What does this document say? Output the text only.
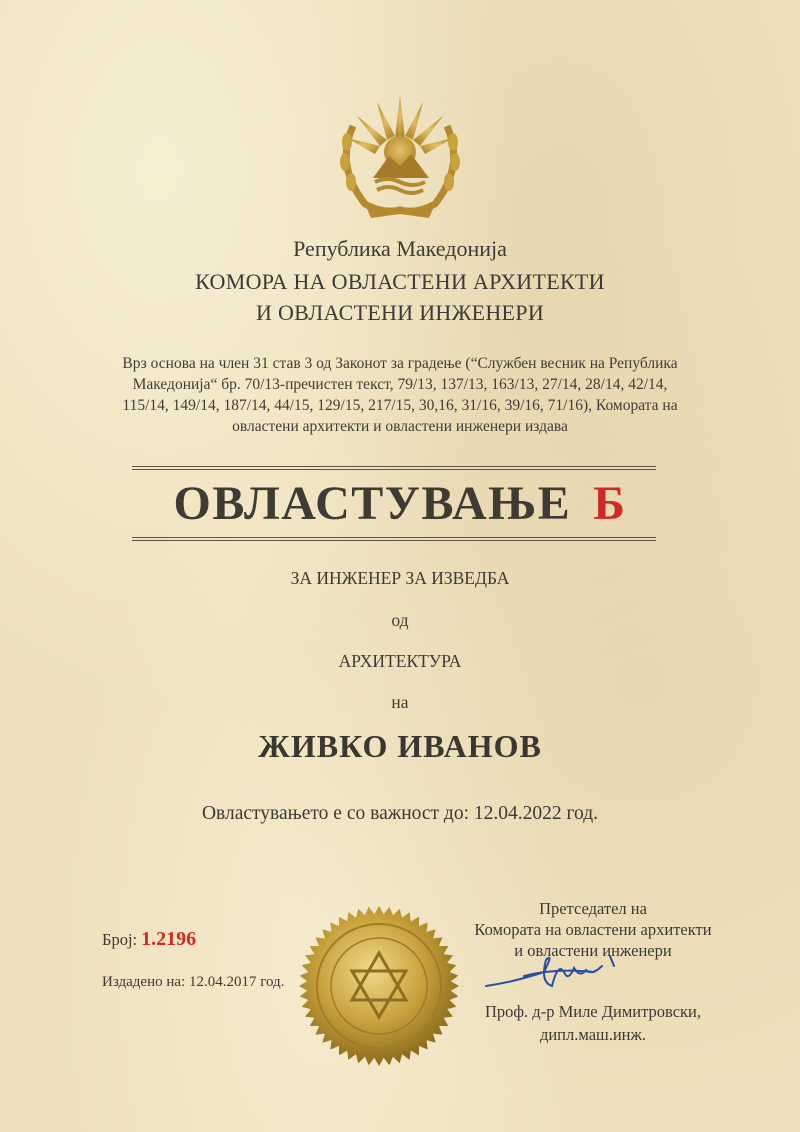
Република Македонија
КОМОРА НА ОВЛАСТЕНИ АРХИТЕКТИ
И ОВЛАСТЕНИ ИНЖЕНЕРИ
Врз основа на член 31 став 3 од Законот за градење (“Службен весник на Република
Македонија“ бр. 70/13-пречистен текст, 79/13, 137/13, 163/13, 27/14, 28/14, 42/14,
115/14, 149/14, 187/14, 44/15, 129/15, 217/15, 30,16, 31/16, 39/16, 71/16), Комората на
овластени архитекти и овластени инженери издава
ОВЛАСТУВАЊЕ Б
ЗА ИНЖЕНЕР ЗА ИЗВЕДБА
од
АРХИТЕКТУРА
на
ЖИВКО ИВАНОВ
Овластувањето е со важност до: 12.04.2022 год.
Претседател на
Комората на овластени архитекти
и овластени инженери
Број: 1.2196
Издадено на: 12.04.2017 год.
Проф. д-р Миле Димитровски,
дипл.маш.инж.
